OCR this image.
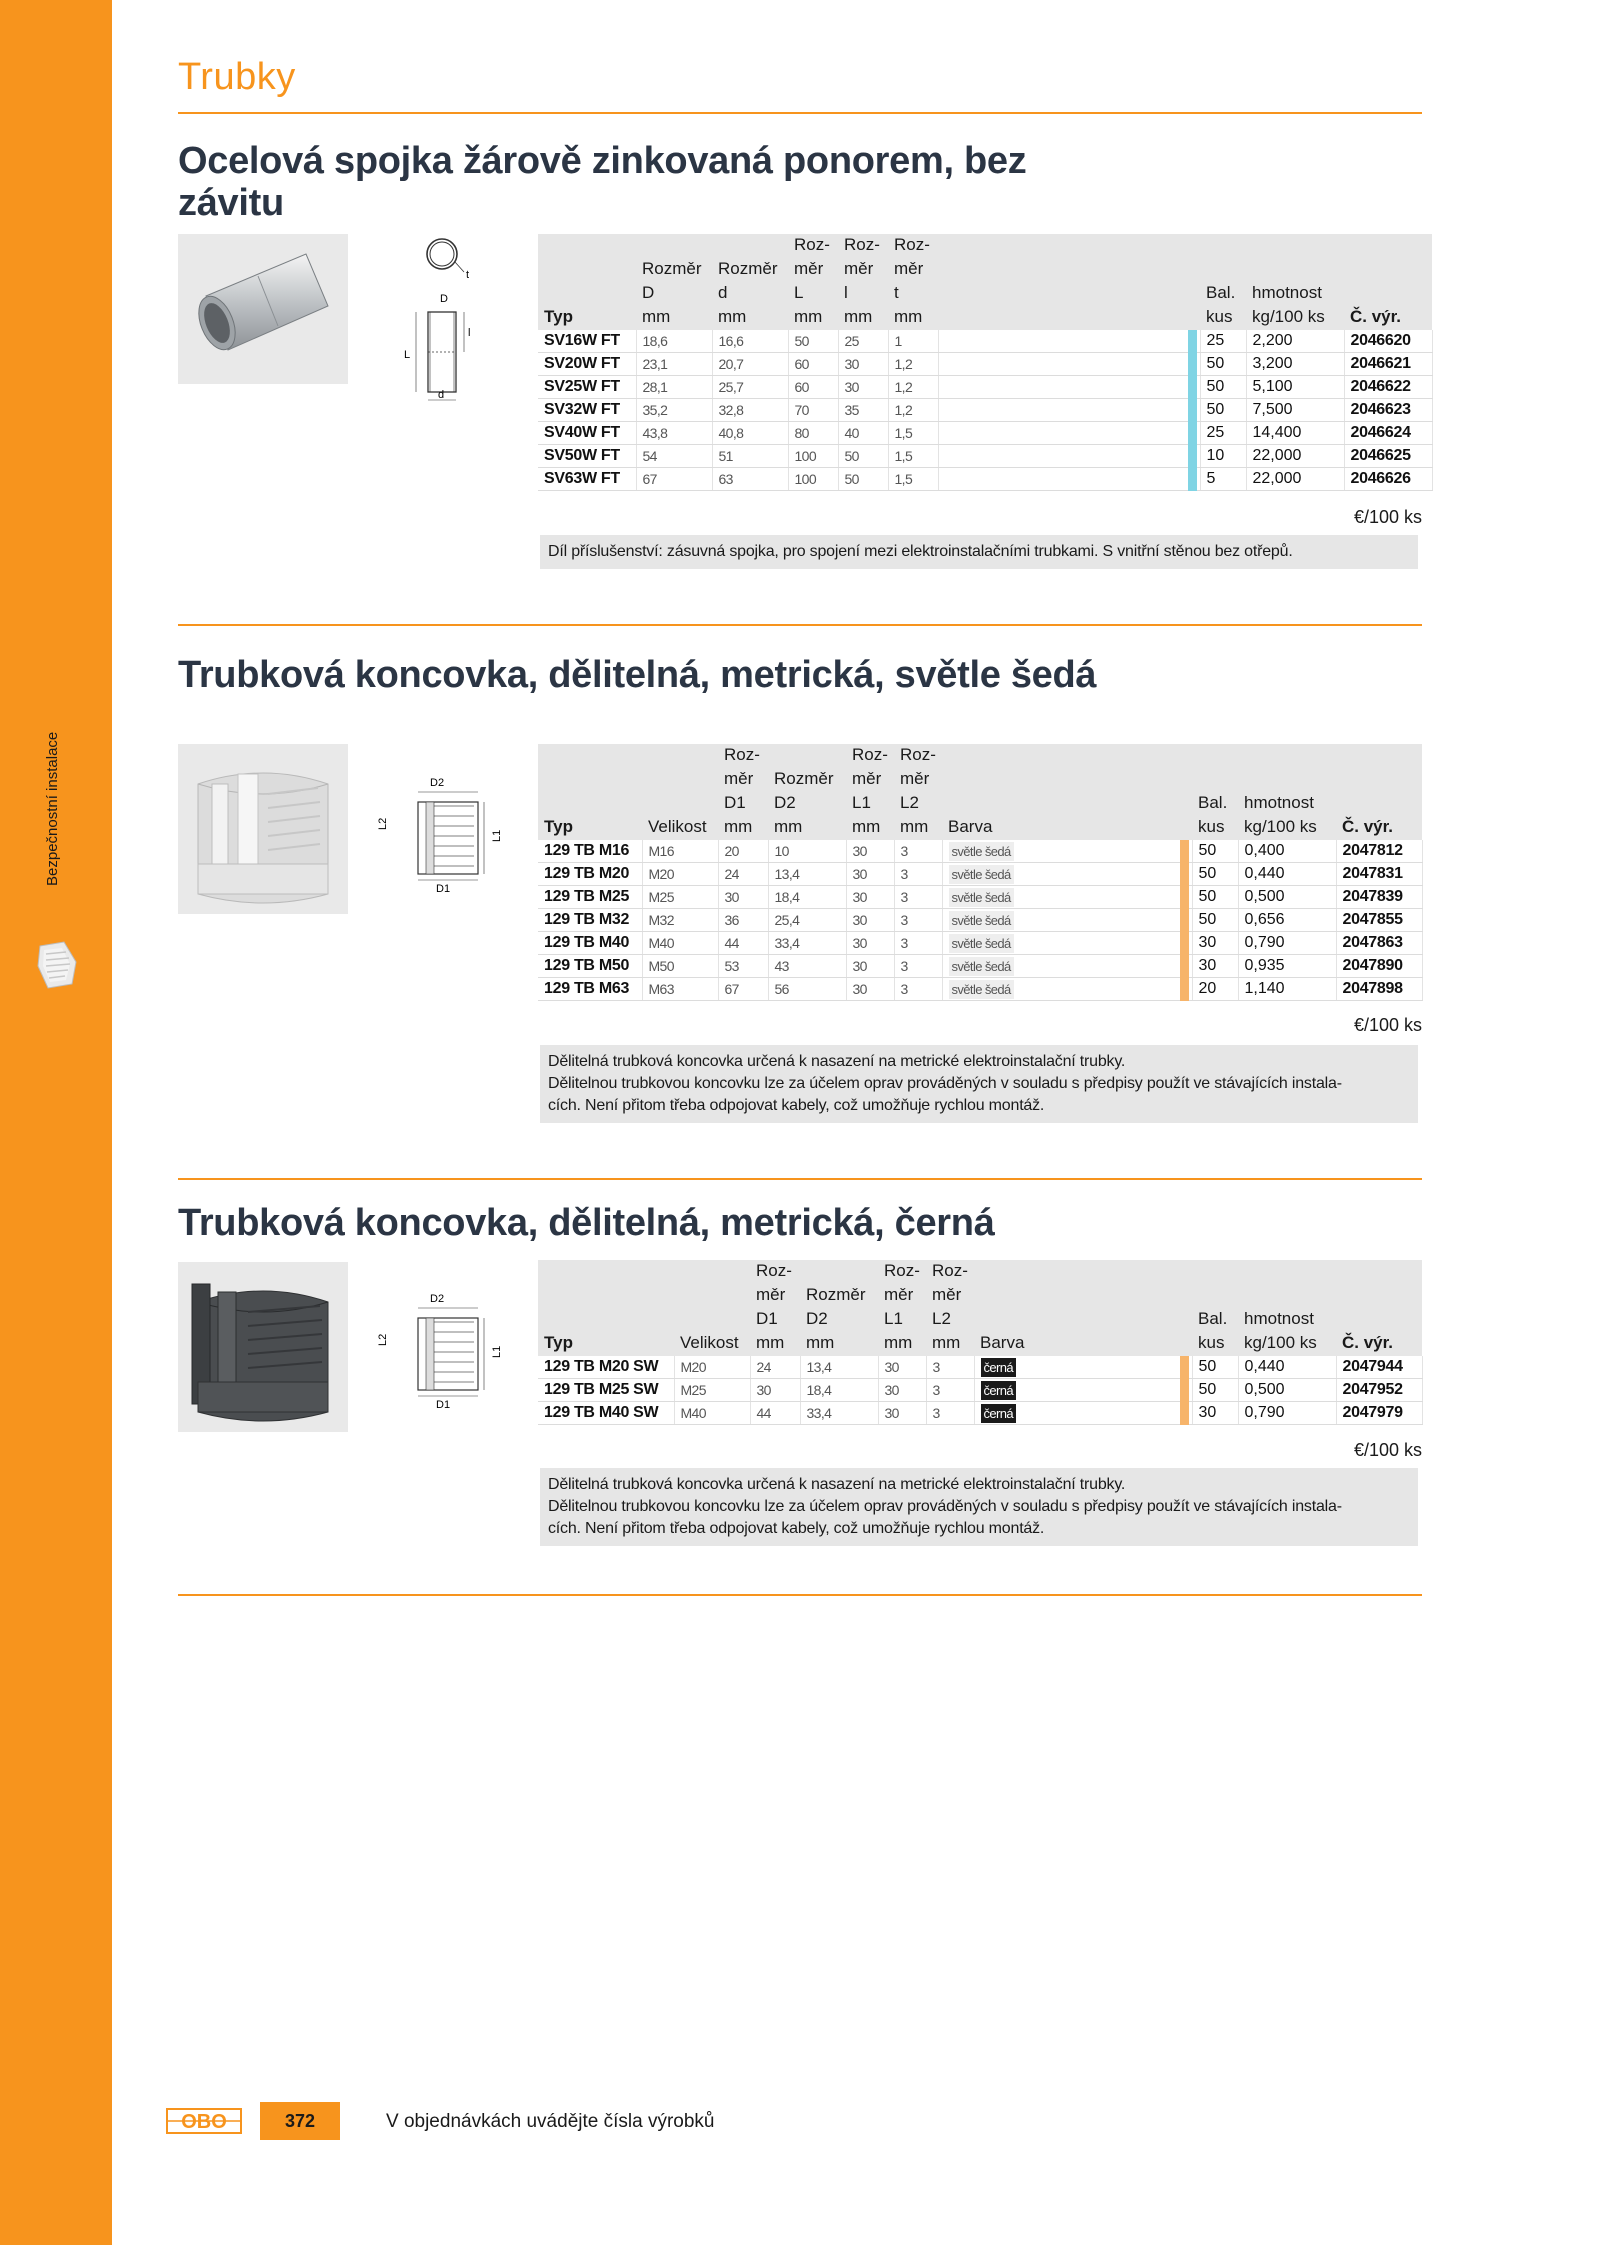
Bezpečnostní instalace
Trubky
Ocelová spojka žárově zinkovaná ponorem, bez závitu
t
D
L
l
d
			Roz-	Roz-	Roz-					
	Rozměr	Rozměr	měr	měr	měr					
	D	d	L	l	t			Bal.	hmotnost	
Typ	mm	mm	mm	mm	mm			kus	kg/100 ks	Č. výr.
SV16W FT	18,6	16,6	50	25	1			25	2,200	2046620
SV20W FT	23,1	20,7	60	30	1,2			50	3,200	2046621
SV25W FT	28,1	25,7	60	30	1,2			50	5,100	2046622
SV32W FT	35,2	32,8	70	35	1,2			50	7,500	2046623
SV40W FT	43,8	40,8	80	40	1,5			25	14,400	2046624
SV50W FT	54	51	100	50	1,5			10	22,000	2046625
SV63W FT	67	63	100	50	1,5			5	22,000	2046626
€/100 ks

Díl příslušenství: zásuvná spojka, pro spojení mezi elektroinstalačními trubkami. S vnitřní stěnou bez otřepů.

Trubková koncovka, dělitelná, metrická, světle šedá
D2
L2
L1
D1
		Roz-		Roz-	Roz-					
		měr	Rozměr	měr	měr					
		D1	D2	L1	L2			Bal.	hmotnost	
Typ	Velikost	mm	mm	mm	mm	Barva		kus	kg/100 ks	Č. výr.
129 TB M16	M16	20	10	30	3	světle šedá		50	0,400	2047812
129 TB M20	M20	24	13,4	30	3	světle šedá		50	0,440	2047831
129 TB M25	M25	30	18,4	30	3	světle šedá		50	0,500	2047839
129 TB M32	M32	36	25,4	30	3	světle šedá		50	0,656	2047855
129 TB M40	M40	44	33,4	30	3	světle šedá		30	0,790	2047863
129 TB M50	M50	53	43	30	3	světle šedá		30	0,935	2047890
129 TB M63	M63	67	56	30	3	světle šedá		20	1,140	2047898
€/100 ks

Dělitelná trubková koncovka určená k nasazení na metrické elektroinstalační trubky.

Dělitelnou trubkovou koncovku lze za účelem oprav prováděných v souladu s předpisy použít ve stávajících instala-

cích. Není přitom třeba odpojovat kabely, což umožňuje rychlou montáž.

Trubková koncovka, dělitelná, metrická, černá
D2
L2
L1
D1
		Roz-		Roz-	Roz-					
		měr	Rozměr	měr	měr					
		D1	D2	L1	L2			Bal.	hmotnost	
Typ	Velikost	mm	mm	mm	mm	Barva		kus	kg/100 ks	Č. výr.
129 TB M20 SW	M20	24	13,4	30	3	černá		50	0,440	2047944
129 TB M25 SW	M25	30	18,4	30	3	černá		50	0,500	2047952
129 TB M40 SW	M40	44	33,4	30	3	černá		30	0,790	2047979
€/100 ks

Dělitelná trubková koncovka určená k nasazení na metrické elektroinstalační trubky.

Dělitelnou trubkovou koncovku lze za účelem oprav prováděných v souladu s předpisy použít ve stávajících instala-

cích. Není přitom třeba odpojovat kabely, což umožňuje rychlou montáž.

OBO	372	V objednávkách uvádějte čísla výrobků
